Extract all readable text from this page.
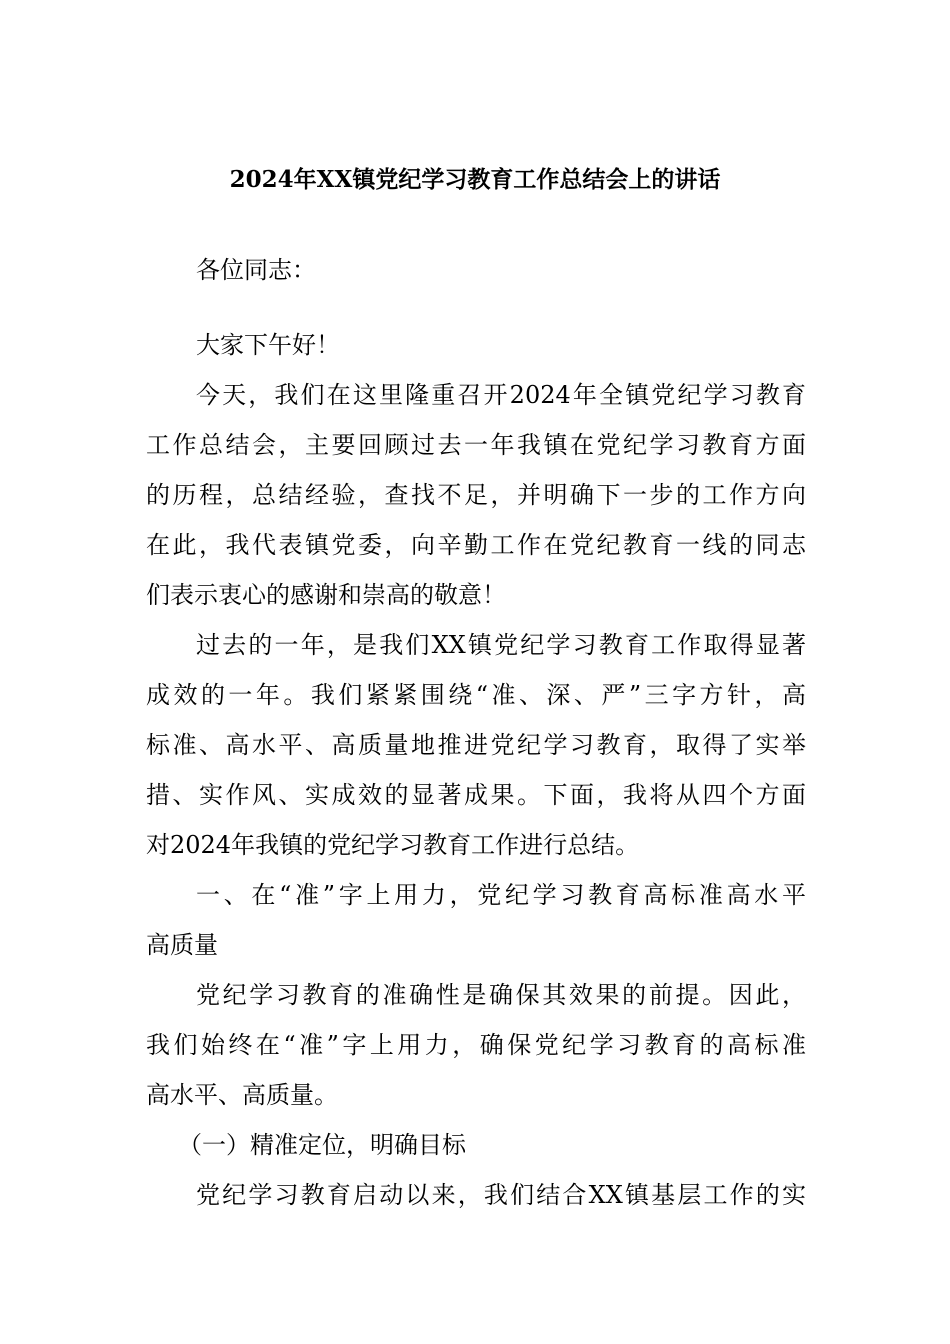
2024年XX镇党纪学习教育工作总结会上的讲话
各位同志：
大家下午好！
今天，我们在这里隆重召开2024年全镇党纪学习教育
工作总结会，主要回顾过去一年我镇在党纪学习教育方面
的历程，总结经验，查找不足，并明确下一步的工作方向
在此，我代表镇党委，向辛勤工作在党纪教育一线的同志
们表示衷心的感谢和崇高的敬意！
过去的一年，是我们XX镇党纪学习教育工作取得显著
成效的一年。我们紧紧围绕“准、深、严”三字方针，高
标准、高水平、高质量地推进党纪学习教育，取得了实举
措、实作风、实成效的显著成果。下面，我将从四个方面
对2024年我镇的党纪学习教育工作进行总结。
一、在“准”字上用力，党纪学习教育高标准高水平
高质量
党纪学习教育的准确性是确保其效果的前提。因此，
我们始终在“准”字上用力，确保党纪学习教育的高标准
高水平、高质量。
（一）精准定位，明确目标
党纪学习教育启动以来，我们结合XX镇基层工作的实
